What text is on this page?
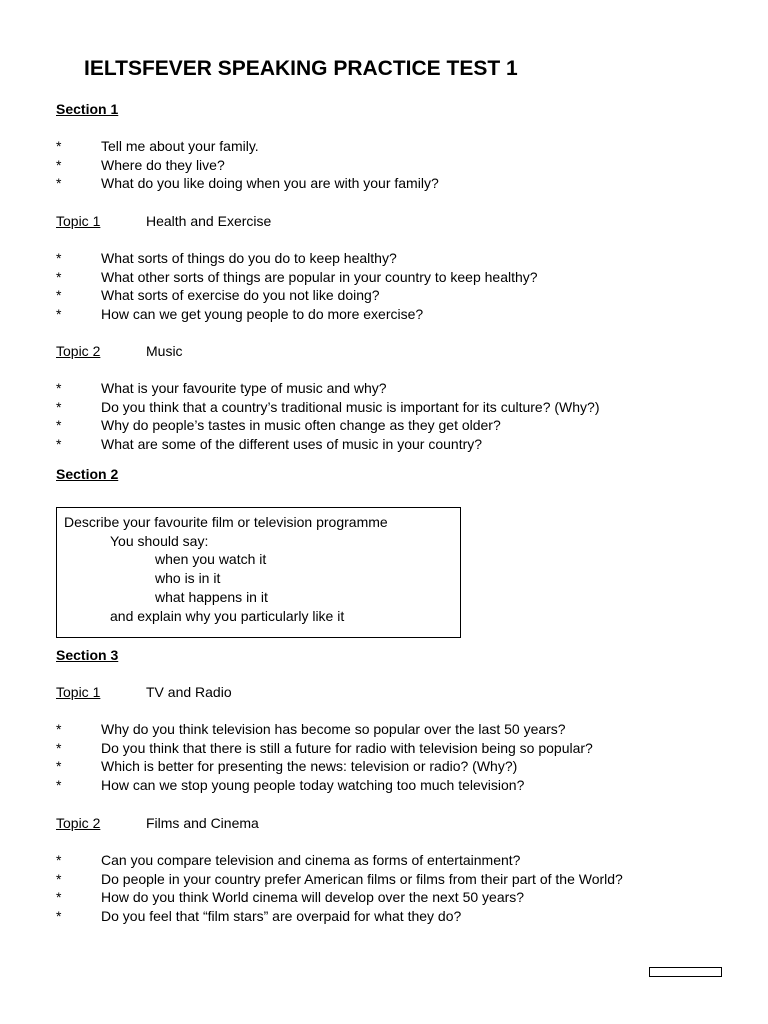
IELTSFEVER SPEAKING PRACTICE TEST 1
Section 1
*	Tell me about your family.
*	Where do they live?
*	What do you like doing when you are with your family?
Topic 1	Health and Exercise
*	What sorts of things do you do to keep healthy?
*	What other sorts of things are popular in your country to keep healthy?
*	What sorts of exercise do you not like doing?
*	How can we get young people to do more exercise?
Topic 2	Music
*	What is your favourite type of music and why?
*	Do you think that a country’s traditional music is important for its culture? (Why?)
*	Why do people’s tastes in music often change as they get older?
*	What are some of the different uses of music in your country?
Section 2
Describe your favourite film or television programme
You should say:
when you watch it
who is in it
what happens in it
and explain why you particularly like it
Section 3
Topic 1	TV and Radio
*	Why do you think television has become so popular over the last 50 years?
*	Do you think that there is still a future for radio with television being so popular?
*	Which is better for presenting the news: television or radio? (Why?)
*	How can we stop young people today watching too much television?
Topic 2	Films and Cinema
*	Can you compare television and cinema as forms of entertainment?
*	Do people in your country prefer American films or films from their part of the World?
*	How do you think World cinema will develop over the next 50 years?
*	Do you feel that “film stars” are overpaid for what they do?
